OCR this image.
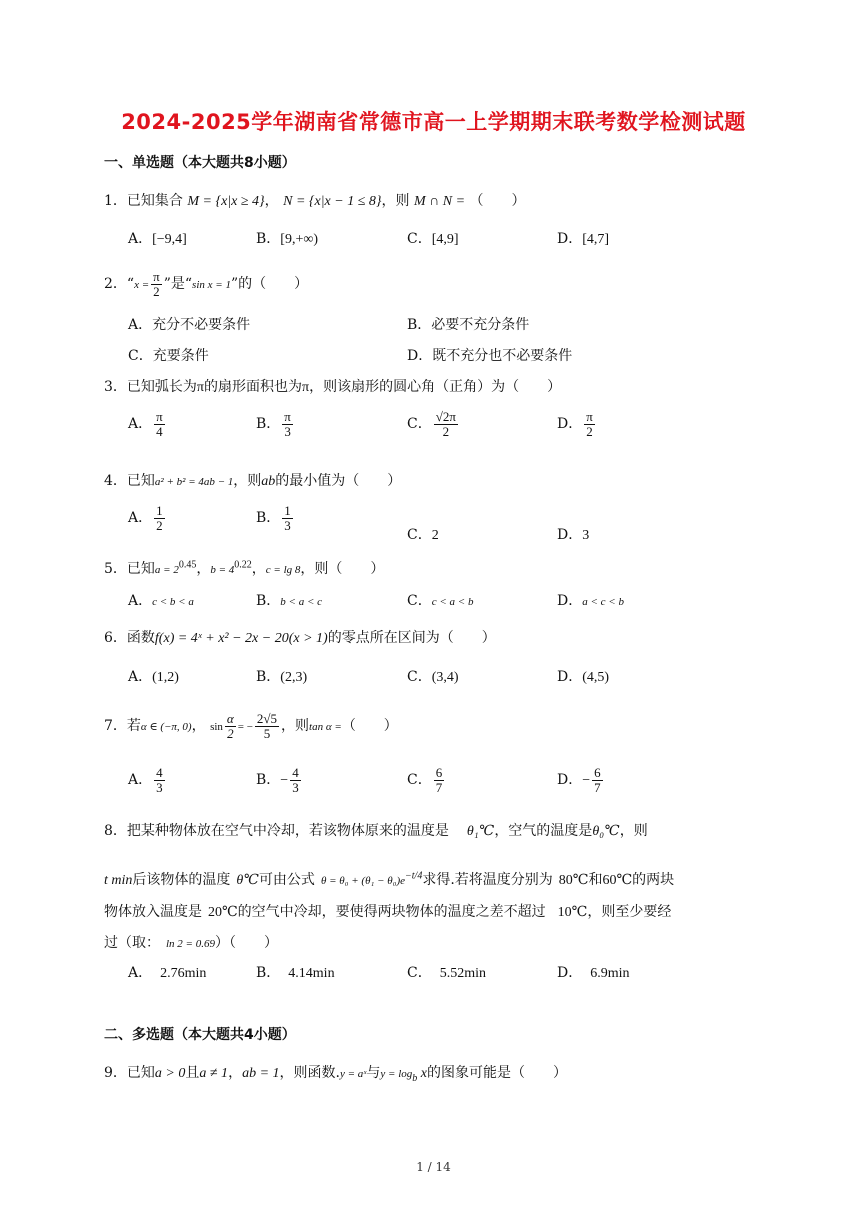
2024-2025学年湖南省常德市高一上学期期末联考数学检测试题
一、单选题（本大题共8小题）
1．已知集合 M = {x|x ≥ 4}， N = {x|x − 1 ≤ 8}，则 M ∩ N = （　　）
A．[−9,4]	B．[9,+∞)	C．[4,9]	D．[4,7]
2．“$x = \frac{\pi}{2}$ ”是“sin x = 1”的（　　）
A．充分不必要条件	B．必要不充分条件
C．充要条件	D．既不充分也不必要条件
3．已知弧长为π的扇形面积也为π，则该扇形的圆心角（正角）为（　　）
A． $\frac{\pi}{4}$	B． $\frac{\pi}{3}$	C． $\frac{√2\pi}{2}$	D． $\frac{\pi}{2}$
4．已知a² + b² = 4ab − 1，则ab的最小值为（　　）
A． $\frac{1}{2}$	B． $\frac{1}{3}$
C．2	D．3
5．已知$a = 2^{0.45}$，$b = 4^{0.22}$，c = lg 8，则（　　）
A．c < b < a	B．b < a < c	C．c < a < b	D．a < c < b
6．函数f(x) = 4ˣ + x² − 2x − 20(x > 1)的零点所在区间为（　　）
A．(1,2)	B．(2,3)	C．(3,4)	D．(4,5)
7．若α ∈ (−π, 0)， $\sin \frac{\alpha}{2}$ = − $\frac{2√5}{5}$ ，则tan α =（　　）
A． $\frac{4}{3}$	B．− $\frac{4}{3}$	C． $\frac{6}{7}$	D．− $\frac{6}{7}$
8．把某种物体放在空气中冷却，若该物体原来的温度是 θ₁℃，空气的温度是θ₀℃，则
t min后该物体的温度 θ℃可由公式 $\theta = \theta_0 + (\theta_1 - \theta_0)e^{-t/4}$求得.若将温度分别为 80℃和60℃的两块
物体放入温度是 20℃的空气中冷却，要使得两块物体的温度之差不超过 10℃，则至少要经
过（取： ln 2 = 0.69）（　　）
A． 2.76min	B． 4.14min	C． 5.52min	D． 6.9min
二、多选题（本大题共4小题）
9．已知a > 0且a ≠ 1，ab = 1，则函数.y = aˣ与$y = \log_b x$的图象可能是（　　）
1 / 14
